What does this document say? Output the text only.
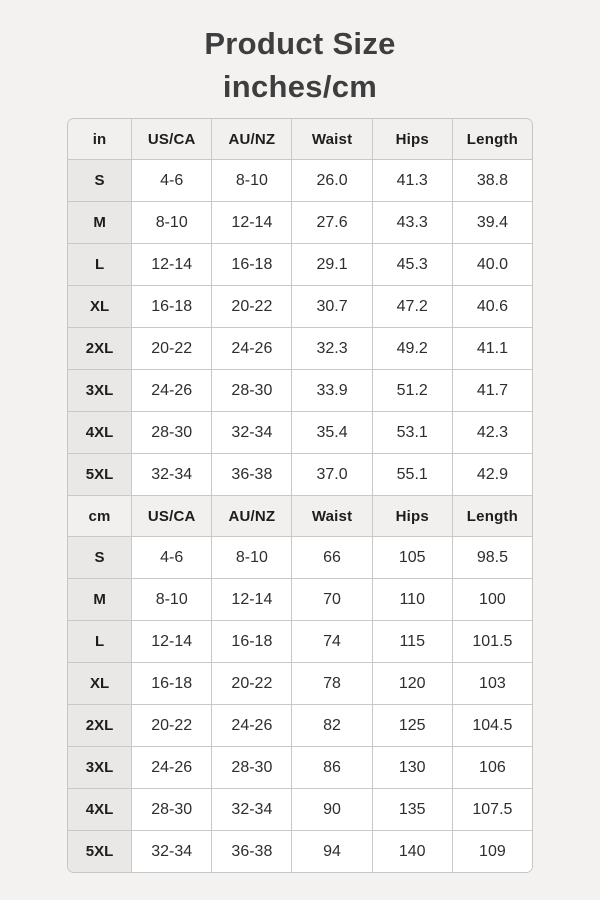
Product Size
inches/cm
in	US/CA	AU/NZ	Waist	Hips	Length
S	4-6	8-10	26.0	41.3	38.8
M	8-10	12-14	27.6	43.3	39.4
L	12-14	16-18	29.1	45.3	40.0
XL	16-18	20-22	30.7	47.2	40.6
2XL	20-22	24-26	32.3	49.2	41.1
3XL	24-26	28-30	33.9	51.2	41.7
4XL	28-30	32-34	35.4	53.1	42.3
5XL	32-34	36-38	37.0	55.1	42.9
cm	US/CA	AU/NZ	Waist	Hips	Length
S	4-6	8-10	66	105	98.5
M	8-10	12-14	70	110	100
L	12-14	16-18	74	115	101.5
XL	16-18	20-22	78	120	103
2XL	20-22	24-26	82	125	104.5
3XL	24-26	28-30	86	130	106
4XL	28-30	32-34	90	135	107.5
5XL	32-34	36-38	94	140	109
